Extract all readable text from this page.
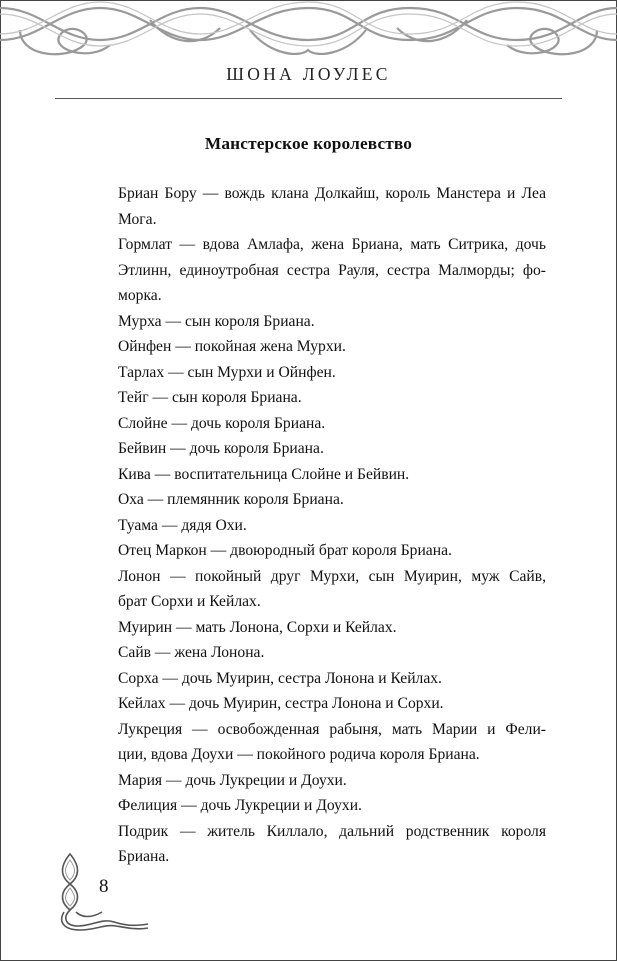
ШОНА ЛОУЛЕС
Манстерское королевство
Бриан Бору — вождь клана Долкайш, король Манстера и Леа
Мога.
Гормлат — вдова Амлафа, жена Бриана, мать Ситрика, дочь
Этлинн, единоутробная сестра Рауля, сестра Малморды; фо-
морка.
Мурха — сын короля Бриана.
Ойнфен — покойная жена Мурхи.
Тарлах — сын Мурхи и Ойнфен.
Тейг — сын короля Бриана.
Слойне — дочь короля Бриана.
Бейвин — дочь короля Бриана.
Кива — воспитательница Слойне и Бейвин.
Оха — племянник короля Бриана.
Туама — дядя Охи.
Отец Маркон — двоюродный брат короля Бриана.
Лонон — покойный друг Мурхи, сын Муирин, муж Сайв,
брат Сорхи и Кейлах.
Муирин — мать Лонона, Сорхи и Кейлах.
Сайв — жена Лонона.
Сорха — дочь Муирин, сестра Лонона и Кейлах.
Кейлах — дочь Муирин, сестра Лонона и Сорхи.
Лукреция — освобожденная рабыня, мать Марии и Фели-
ции, вдова Доухи — покойного родича короля Бриана.
Мария — дочь Лукреции и Доухи.
Фелиция — дочь Лукреции и Доухи.
Подрик — житель Киллало, дальний родственник короля
Бриана.
8
